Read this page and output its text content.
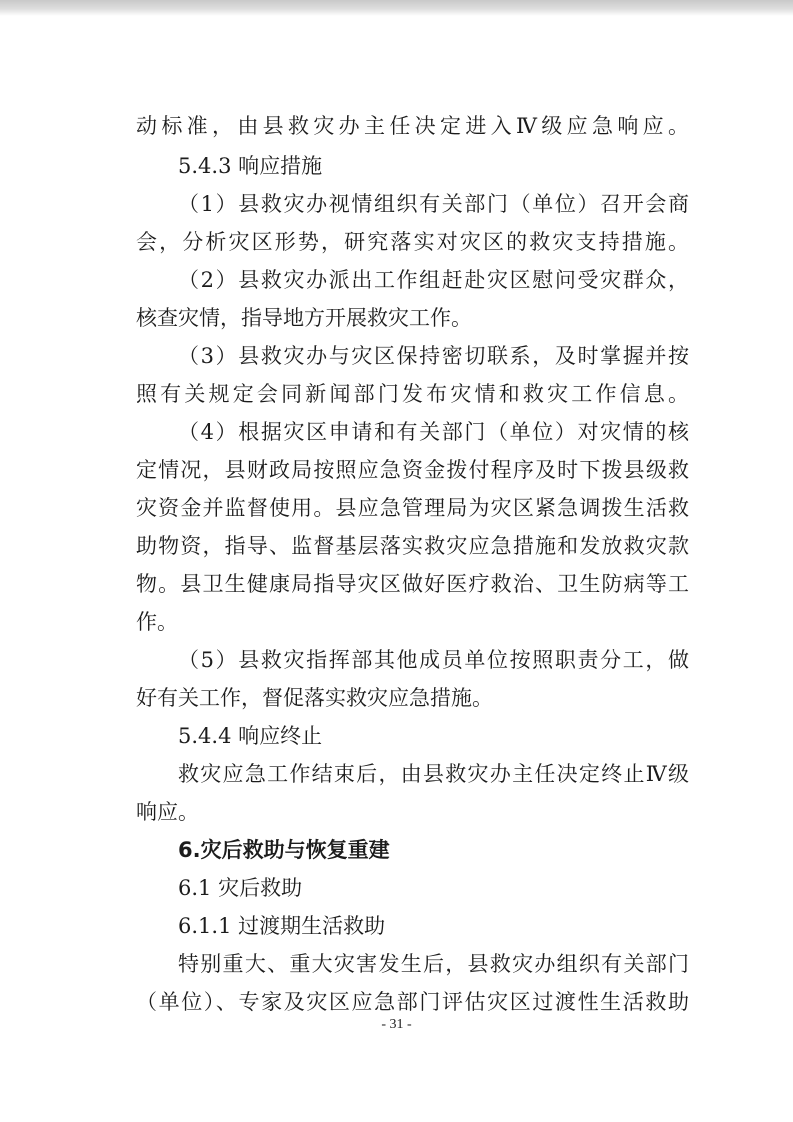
动标准，由县救灾办主任决定进入Ⅳ级应急响应。
5.4.3 响应措施
（1）县救灾办视情组织有关部门（单位）召开会商
会，分析灾区形势，研究落实对灾区的救灾支持措施。
（2）县救灾办派出工作组赶赴灾区慰问受灾群众，
核查灾情，指导地方开展救灾工作。
（3）县救灾办与灾区保持密切联系，及时掌握并按
照有关规定会同新闻部门发布灾情和救灾工作信息。
（4）根据灾区申请和有关部门（单位）对灾情的核
定情况，县财政局按照应急资金拨付程序及时下拨县级救
灾资金并监督使用。县应急管理局为灾区紧急调拨生活救
助物资，指导、监督基层落实救灾应急措施和发放救灾款
物。县卫生健康局指导灾区做好医疗救治、卫生防病等工
作。
（5）县救灾指挥部其他成员单位按照职责分工，做
好有关工作，督促落实救灾应急措施。
5.4.4 响应终止
救灾应急工作结束后，由县救灾办主任决定终止Ⅳ级
响应。
6.灾后救助与恢复重建
6.1 灾后救助
6.1.1 过渡期生活救助
特别重大、重大灾害发生后，县救灾办组织有关部门
（单位）、专家及灾区应急部门评估灾区过渡性生活救助
- 31 -
